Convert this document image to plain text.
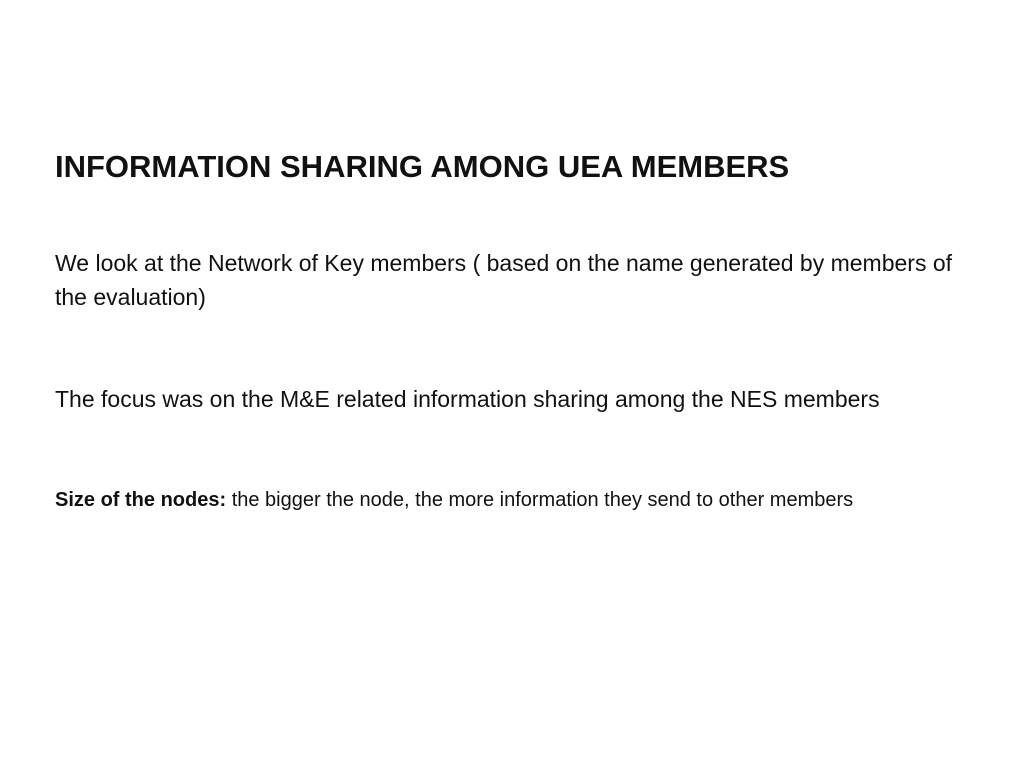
INFORMATION SHARING AMONG UEA MEMBERS

We look at the Network of Key members ( based on the name generated by members of the evaluation)

The focus was on the M&E related information sharing among the NES members

Size of the nodes: the bigger the node, the more information they send to other members
